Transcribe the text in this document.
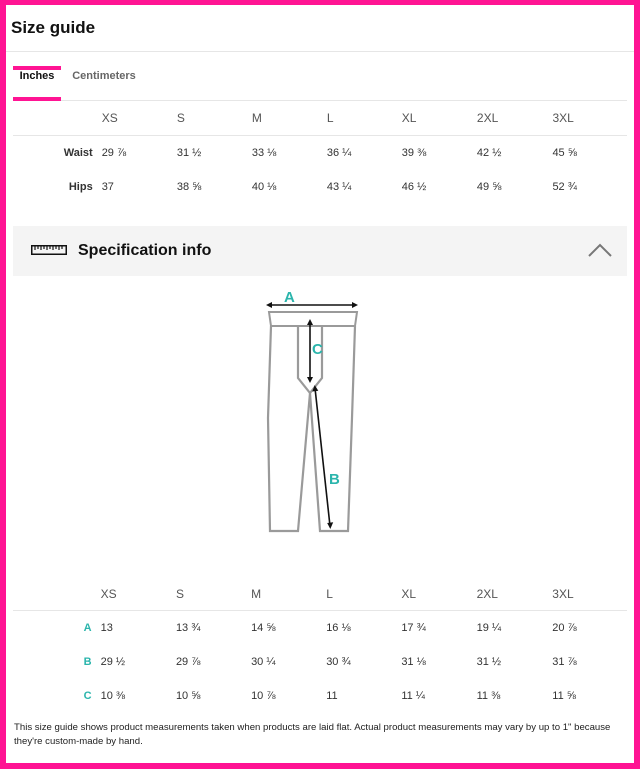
Size guide
Inches	Centimeters
	XS	S	M	L	XL	2XL	3XL
Waist	29 ⅞	31 ½	33 ⅛	36 ¼	39 ⅜	42 ½	45 ⅝
Hips	37	38 ⅝	40 ⅛	43 ¼	46 ½	49 ⅝	52 ¾
Specification info
A
C
B
	XS	S	M	L	XL	2XL	3XL
A	13	13 ¾	14 ⅝	16 ⅛	17 ¾	19 ¼	20 ⅞
B	29 ½	29 ⅞	30 ¼	30 ¾	31 ⅛	31 ½	31 ⅞
C	10 ⅜	10 ⅝	10 ⅞	11	11 ¼	11 ⅜	11 ⅝
This size guide shows product measurements taken when products are laid flat. Actual product measurements may vary by up to 1" because they're custom-made by hand.
